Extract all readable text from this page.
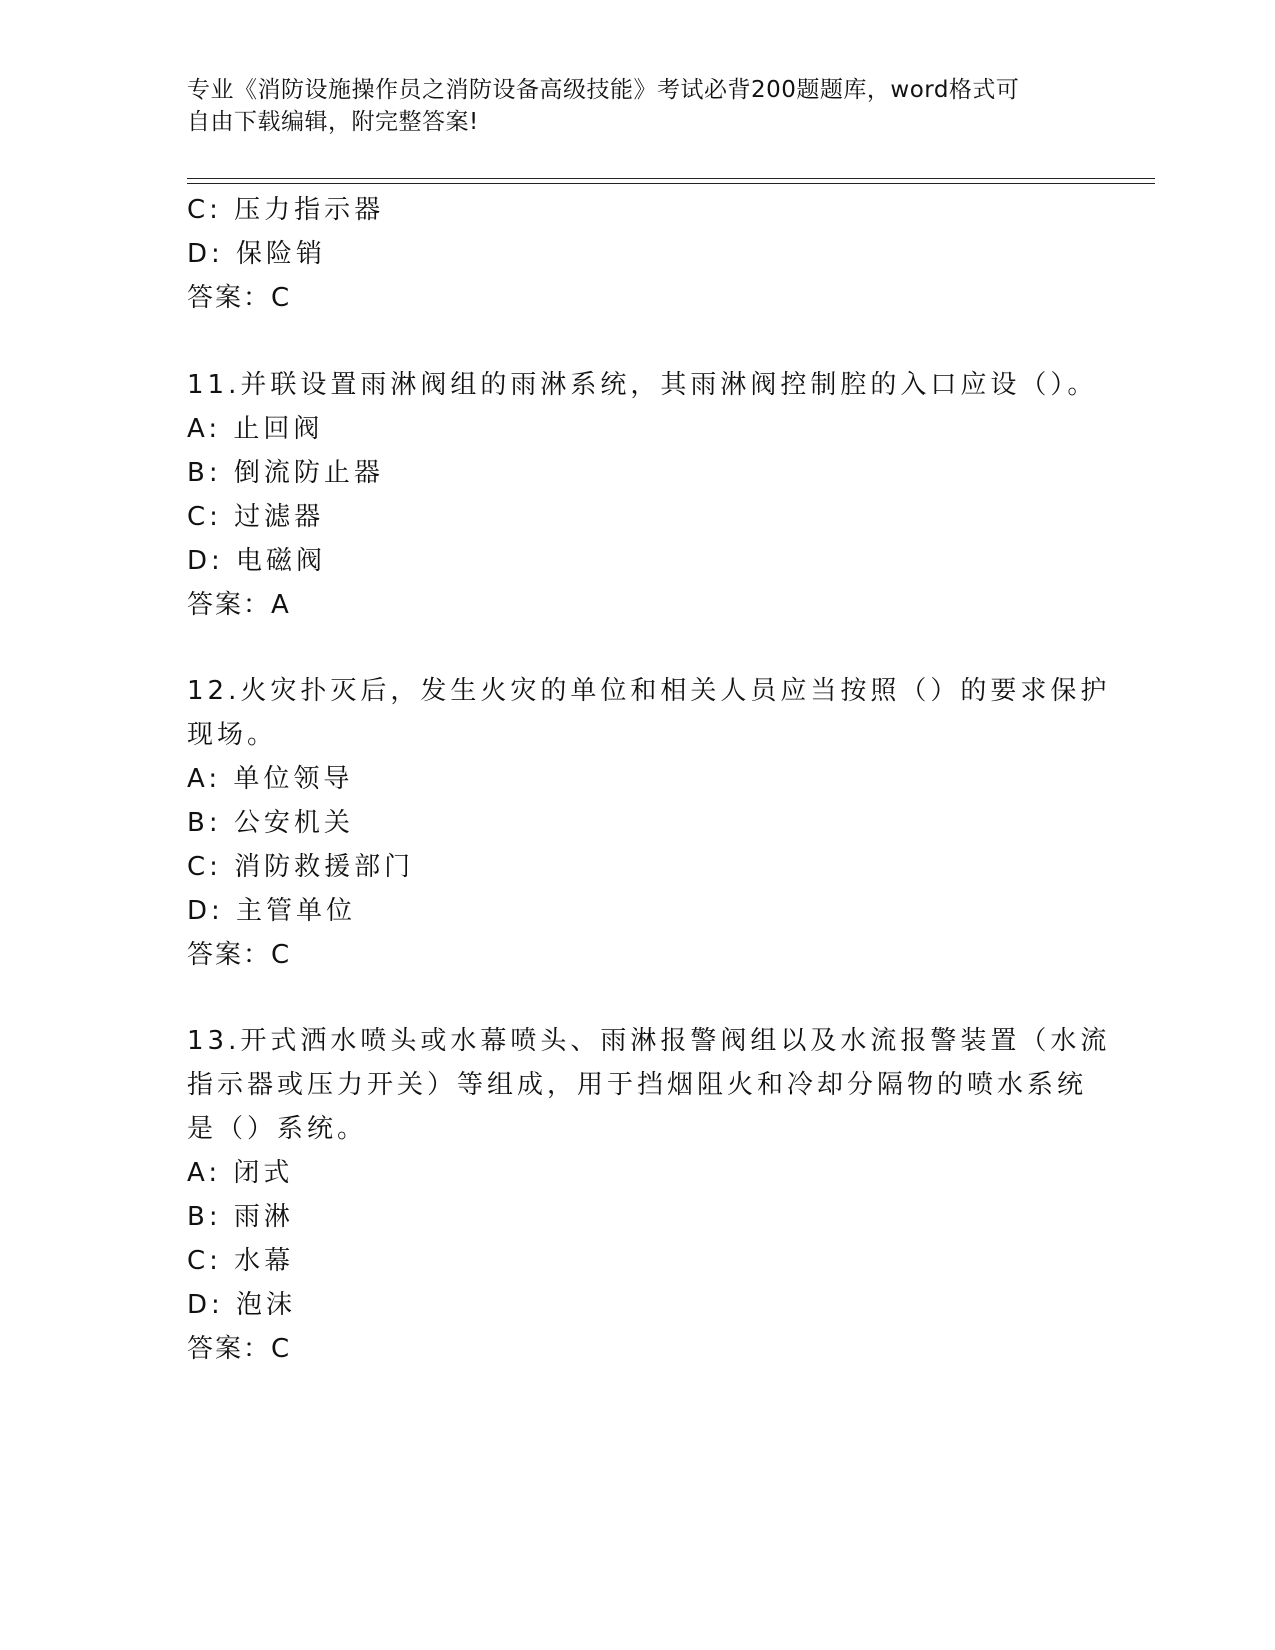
专业《消防设施操作员之消防设备高级技能》考试必背200题题库，word格式可
自由下载编辑，附完整答案!
C: 压力指示器
D: 保险销
答案：C
11.并联设置雨淋阀组的雨淋系统，其雨淋阀控制腔的入口应设（）。
A: 止回阀
B: 倒流防止器
C: 过滤器
D: 电磁阀
答案：A
12.火灾扑灭后，发生火灾的单位和相关人员应当按照（）的要求保护
现场。
A: 单位领导
B: 公安机关
C: 消防救援部门
D: 主管单位
答案：C
13.开式洒水喷头或水幕喷头、雨淋报警阀组以及水流报警装置（水流
指示器或压力开关）等组成，用于挡烟阻火和冷却分隔物的喷水系统
是（）系统。
A: 闭式
B: 雨淋
C: 水幕
D: 泡沫
答案：C
